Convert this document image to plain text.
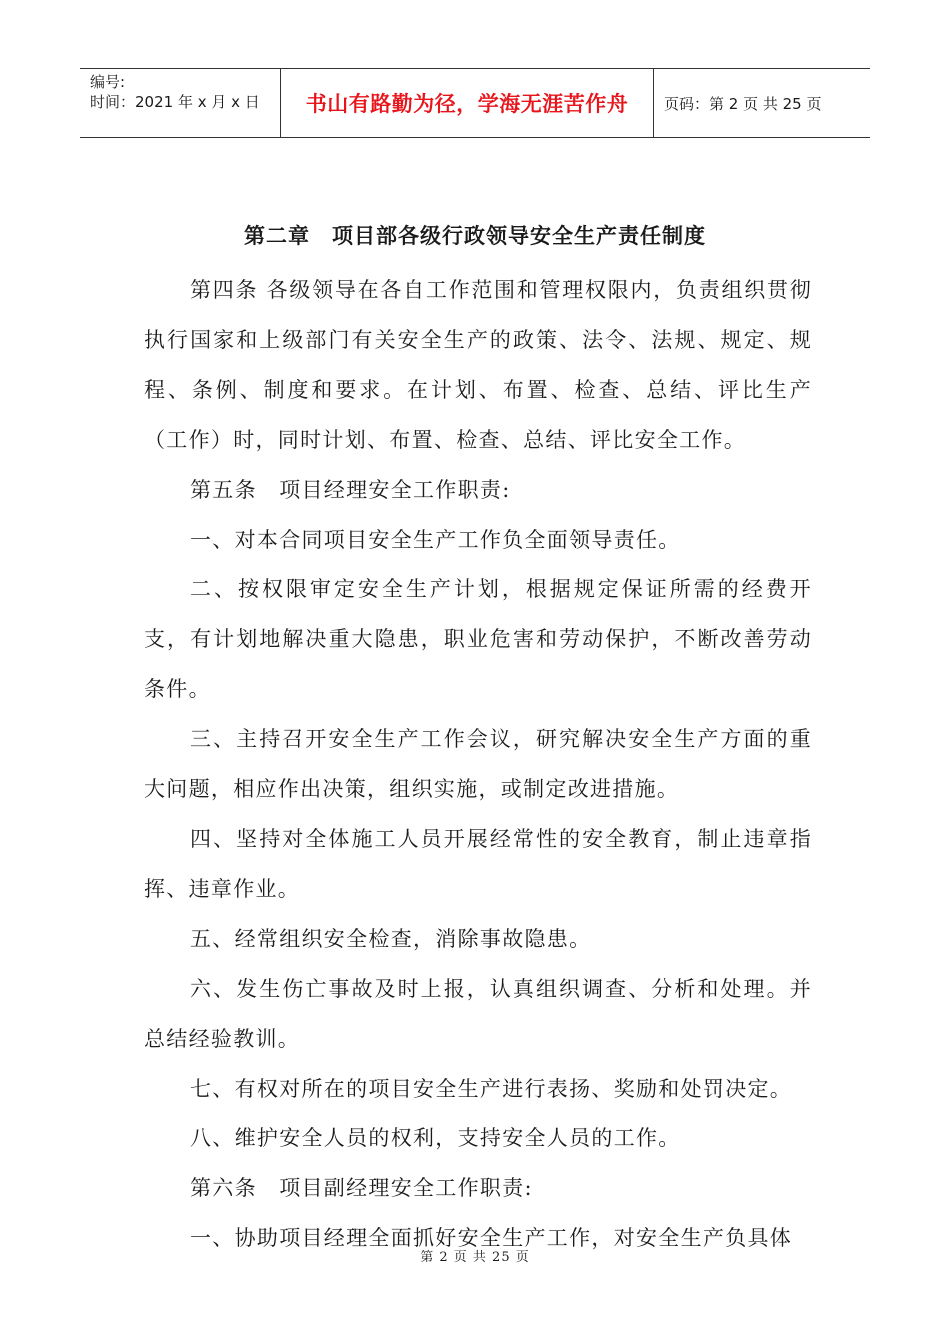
编号:
时间：2021 年 x 月 x 日	书山有路勤为径，学海无涯苦作舟	页码：第 2 页 共 25 页
第二章　项目部各级行政领导安全生产责任制度

第四条 各级领导在各自工作范围和管理权限内，负责组织贯彻执行国家和上级部门有关安全生产的政策、法令、法规、规定、规程、条例、制度和要求。在计划、布置、检查、总结、评比生产（工作）时，同时计划、布置、检查、总结、评比安全工作。

第五条　项目经理安全工作职责:

一、对本合同项目安全生产工作负全面领导责任。

二、按权限审定安全生产计划，根据规定保证所需的经费开支，有计划地解决重大隐患，职业危害和劳动保护，不断改善劳动条件。

三、主持召开安全生产工作会议，研究解决安全生产方面的重大问题，相应作出决策，组织实施，或制定改进措施。

四、坚持对全体施工人员开展经常性的安全教育，制止违章指挥、违章作业。

五、经常组织安全检查，消除事故隐患。

六、发生伤亡事故及时上报，认真组织调查、分析和处理。并总结经验教训。

七、有权对所在的项目安全生产进行表扬、奖励和处罚决定。

八、维护安全人员的权利，支持安全人员的工作。

第六条　项目副经理安全工作职责:

一、协助项目经理全面抓好安全生产工作，对安全生产负具体

第 2 页 共 25 页
